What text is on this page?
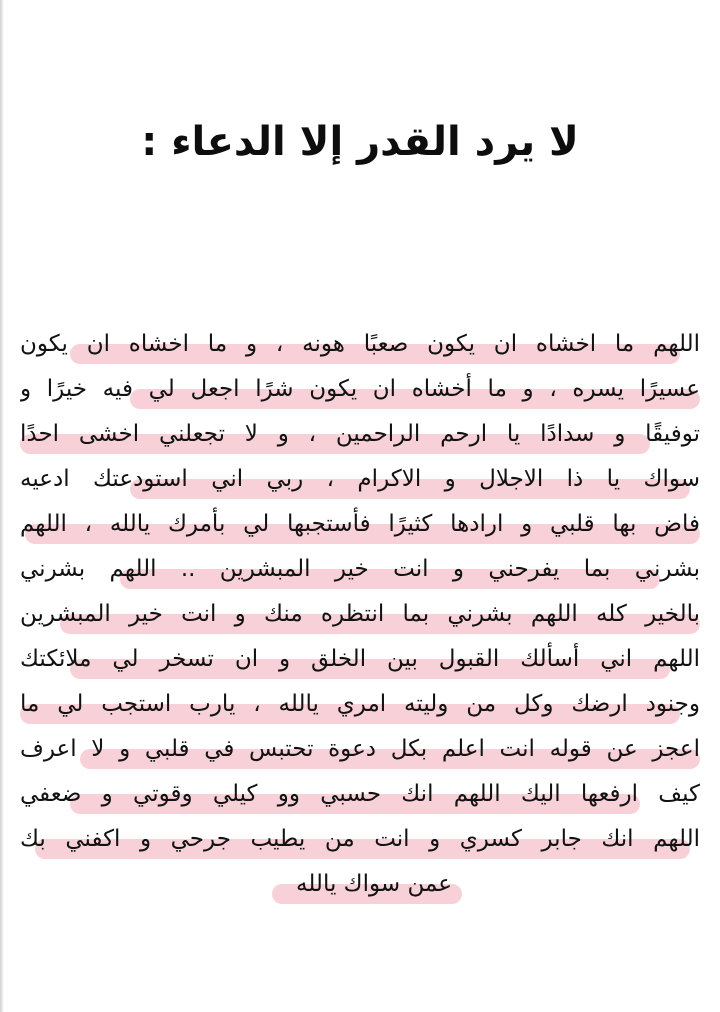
لا يرد القدر إلا الدعاء :
اللهم ما اخشاه ان يكون صعبًا هونه ، و ما اخشاه ان يكون
عسيرًا يسره ، و ما أخشاه ان يكون شرًا اجعل لي فيه خيرًا و
توفيقًا و سدادًا يا ارحم الراحمين ، و لا تجعلني اخشى احدًا
سواك يا ذا الاجلال و الاكرام ، ربي اني استودعتك ادعيه
فاض بها قلبي و ارادها كثيرًا فأستجبها لي بأمرك يالله ، اللهم
بشرني بما يفرحني و انت خير المبشرين .. اللهم بشرني
بالخير كله اللهم بشرني بما انتظره منك و انت خير المبشرين
اللهم اني أسألك القبول بين الخلق و ان تسخر لي ملائكتك
وجنود ارضك وكل من وليته امري يالله ، يارب استجب لي ما
اعجز عن قوله انت اعلم بكل دعوة تحتبس في قلبي و لا اعرف
كيف ارفعها اليك اللهم انك حسبي وو كيلي وقوتي و ضعفي
اللهم انك جابر كسري و انت من يطيب جرحي و اكفني بك
عمن سواك يالله
